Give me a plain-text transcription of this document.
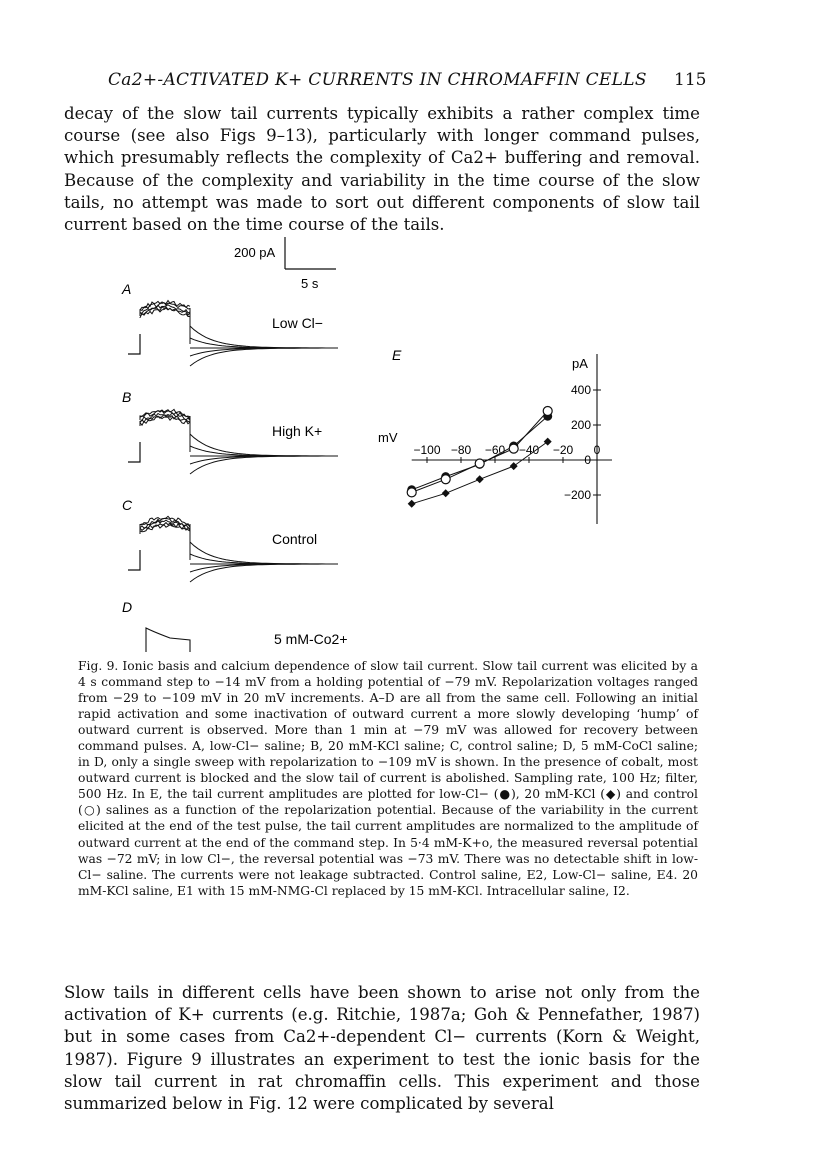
Ca2+-ACTIVATED K+ CURRENTS IN CHROMAFFIN CELLS 115

decay of the slow tail currents typically exhibits a rather complex time course (see also Figs 9–13), particularly with longer command pulses, which presumably reflects the complexity of Ca2+ buffering and removal. Because of the complexity and variability in the time course of the slow tails, no attempt was made to sort out different components of slow tail current based on the time course of the tails.

200 pA
5 s
A
Low Cl−
B
High K+
C
Control
D
5 mM-Co2+
E
mV
pA
−100 −80 −60 −40 −20 0
400
200
0
−200

Fig. 9. Ionic basis and calcium dependence of slow tail current. Slow tail current was elicited by a 4 s command step to −14 mV from a holding potential of −79 mV. Repolarization voltages ranged from −29 to −109 mV in 20 mV increments. A–D are all from the same cell. Following an initial rapid activation and some inactivation of outward current a more slowly developing ‘hump’ of outward current is observed. More than 1 min at −79 mV was allowed for recovery between command pulses. A, low-Cl− saline; B, 20 mM-KCl saline; C, control saline; D, 5 mM-CoCl saline; in D, only a single sweep with repolarization to −109 mV is shown. In the presence of cobalt, most outward current is blocked and the slow tail of current is abolished. Sampling rate, 100 Hz; filter, 500 Hz. In E, the tail current amplitudes are plotted for low-Cl− (●), 20 mM-KCl (◆) and control (○) salines as a function of the repolarization potential. Because of the variability in the current elicited at the end of the test pulse, the tail current amplitudes are normalized to the amplitude of outward current at the end of the command step. In 5·4 mM-K+o, the measured reversal potential was −72 mV; in low Cl−, the reversal potential was −73 mV. There was no detectable shift in low-Cl− saline. The currents were not leakage subtracted. Control saline, E2, Low-Cl− saline, E4. 20 mM-KCl saline, E1 with 15 mM-NMG-Cl replaced by 15 mM-KCl. Intracellular saline, I2.

Slow tails in different cells have been shown to arise not only from the activation of K+ currents (e.g. Ritchie, 1987a; Goh & Pennefather, 1987) but in some cases from Ca2+-dependent Cl− currents (Korn & Weight, 1987). Figure 9 illustrates an experiment to test the ionic basis for the slow tail current in rat chromaffin cells. This experiment and those summarized below in Fig. 12 were complicated by several
